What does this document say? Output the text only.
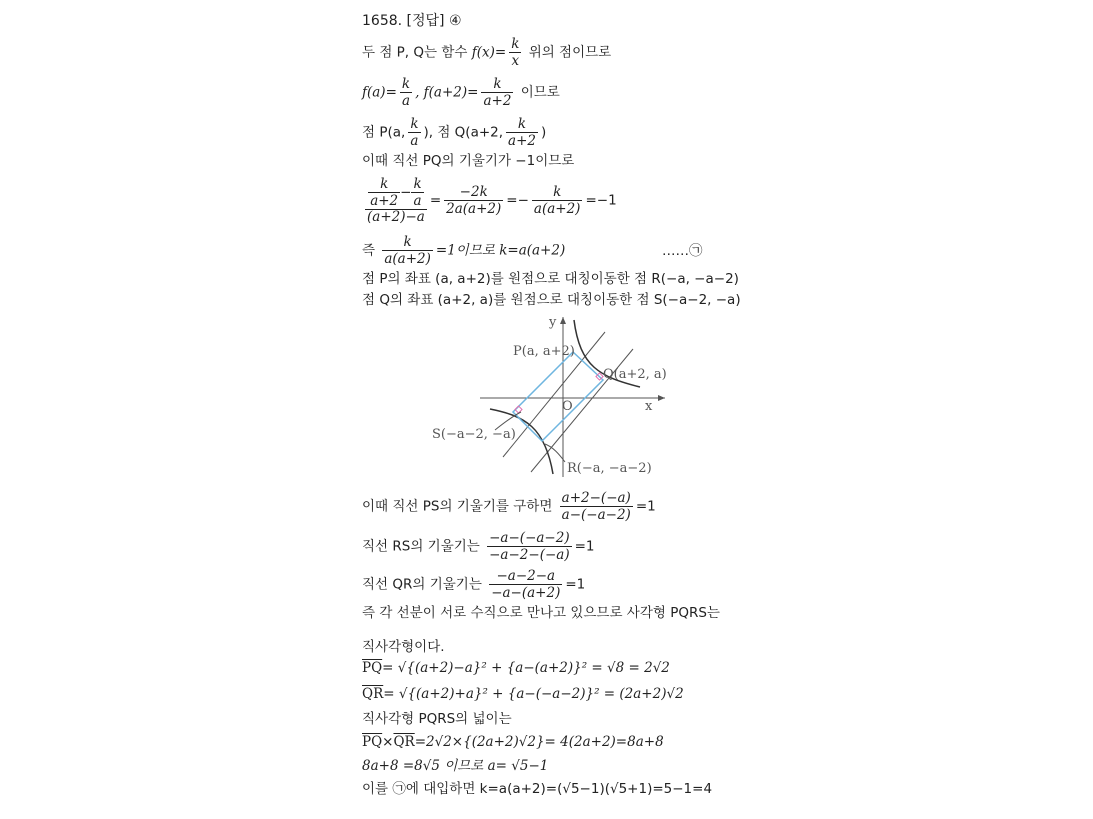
1658. [정답] ④
두 점 P, Q는 함수 $f(x)= \frac{k}{x}$ 위의 점이므로
$f(a)= \frac{k}{a}$ , $f(a+2)= \frac{k}{a+2}$ 이므로
점 P(a, $\frac{k}{a}$ ), 점 Q(a+2, $\frac{k}{a+2}$ )
이때 직선 PQ의 기울기가 −1이므로
$\frac{\frac{k}{a+2} - \frac{k}{a}}{(a+2)-a} = \frac{-2k}{2a(a+2)} =- \frac{k}{a(a+2)} =-1$
즉 $\frac{k}{a(a+2)} =1$이므로 k=a(a+2)	……㉠
점 P의 좌표 (a, a+2)를 원점으로 대칭이동한 점 R(−a, −a−2)
점 Q의 좌표 (a+2, a)를 원점으로 대칭이동한 점 S(−a−2, −a)
y
x
O
P(a, a+2)
Q(a+2, a)
S(−a−2, −a)
R(−a, −a−2)
이때 직선 PS의 기울기를 구하면 $\frac{a+2-(-a)}{a-(-a-2)} =1$
직선 RS의 기울기는 $\frac{-a-(-a-2)}{-a-2-(-a)} =1$
직선 QR의 기울기는 $\frac{-a-2-a}{-a-(a+2)} =1$
즉 각 선분이 서로 수직으로 만나고 있으므로 사각형 PQRS는
직사각형이다.
$\overline{PQ}= √\{(a+2)-a\}^2 + \{a-(a+2)\}^2 = √8 = 2√2$
$\overline{QR}= √\{(a+2)+a\}^2 + \{a-(-a-2)\}^2 = (2a+2)√2$
직사각형 PQRS의 넓이는
$\overline{PQ}\times\overline{QR}=2√2\times\{(2a+2)√2\}= 4(2a+2)=8a+8$
8a+8 =8√5 이므로 a= √5−1
이를 ㉠에 대입하면 k=a(a+2)=(√5−1)(√5+1)=5−1=4
